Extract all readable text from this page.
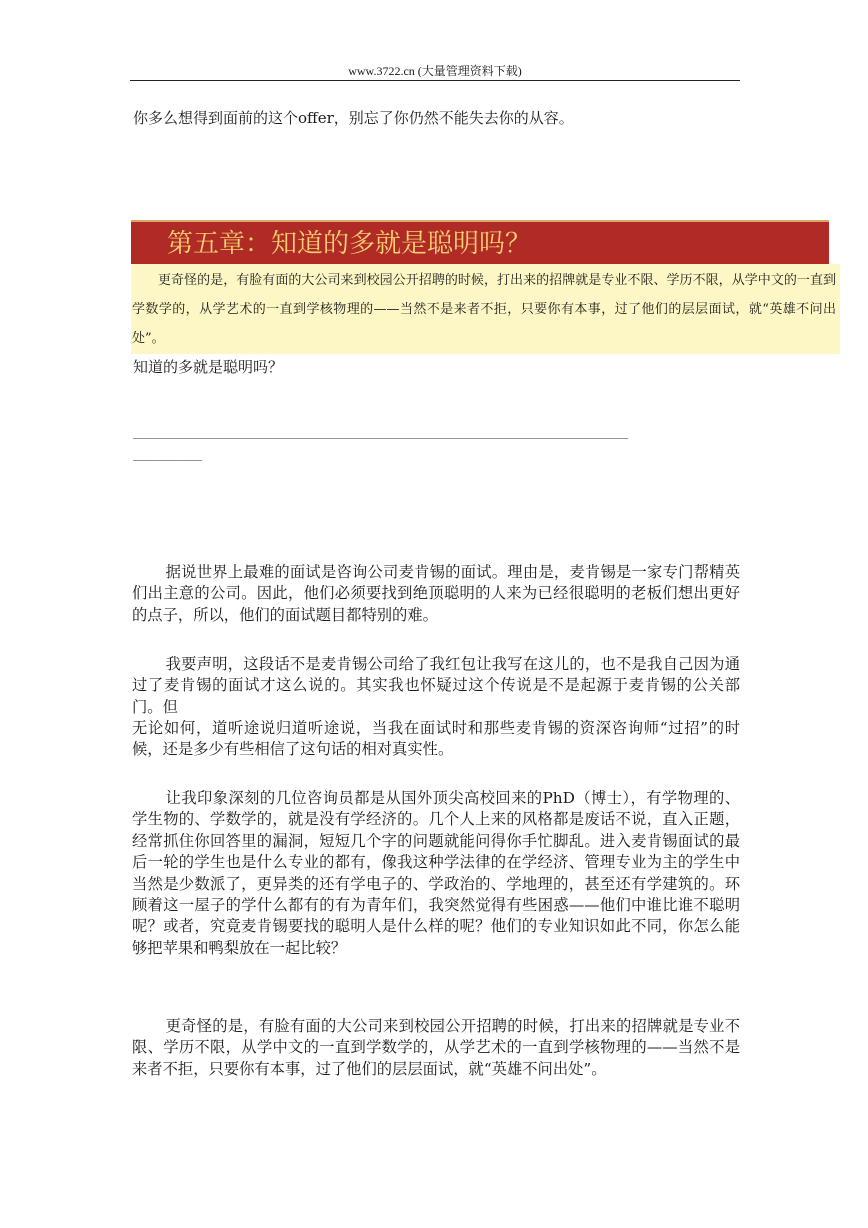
www.3722.cn (大量管理资料下载)
你多么想得到面前的这个offer，别忘了你仍然不能失去你的从容。
第五章：知道的多就是聪明吗？

更奇怪的是，有脸有面的大公司来到校园公开招聘的时候，打出来的招牌就是专业不限、学历不限，从学中文的一直到学数学的，从学艺术的一直到学核物理的——当然不是来者不拒，只要你有本事，过了他们的层层面试，就“英雄不问出处”。

知道的多就是聪明吗？
________________________________________________________________________
__________

据说世界上最难的面试是咨询公司麦肯锡的面试。理由是，麦肯锡是一家专门帮精英们出主意的公司。因此，他们必须要找到绝顶聪明的人来为已经很聪明的老板们想出更好的点子，所以，他们的面试题目都特别的难。

我要声明，这段话不是麦肯锡公司给了我红包让我写在这儿的，也不是我自己因为通过了麦肯锡的面试才这么说的。其实我也怀疑过这个传说是不是起源于麦肯锡的公关部门。但

无论如何，道听途说归道听途说，当我在面试时和那些麦肯锡的资深咨询师“过招”的时候，还是多少有些相信了这句话的相对真实性。

让我印象深刻的几位咨询员都是从国外顶尖高校回来的PhD（博士），有学物理的、学生物的、学数学的，就是没有学经济的。几个人上来的风格都是废话不说，直入正题，经常抓住你回答里的漏洞，短短几个字的问题就能问得你手忙脚乱。进入麦肯锡面试的最后一轮的学生也是什么专业的都有，像我这种学法律的在学经济、管理专业为主的学生中当然是少数派了，更异类的还有学电子的、学政治的、学地理的，甚至还有学建筑的。环顾着这一屋子的学什么都有的有为青年们，我突然觉得有些困惑——他们中谁比谁不聪明呢？或者，究竟麦肯锡要找的聪明人是什么样的呢？他们的专业知识如此不同，你怎么能够把苹果和鸭梨放在一起比较？

更奇怪的是，有脸有面的大公司来到校园公开招聘的时候，打出来的招牌就是专业不限、学历不限，从学中文的一直到学数学的，从学艺术的一直到学核物理的——当然不是来者不拒，只要你有本事，过了他们的层层面试，就“英雄不问出处”。
